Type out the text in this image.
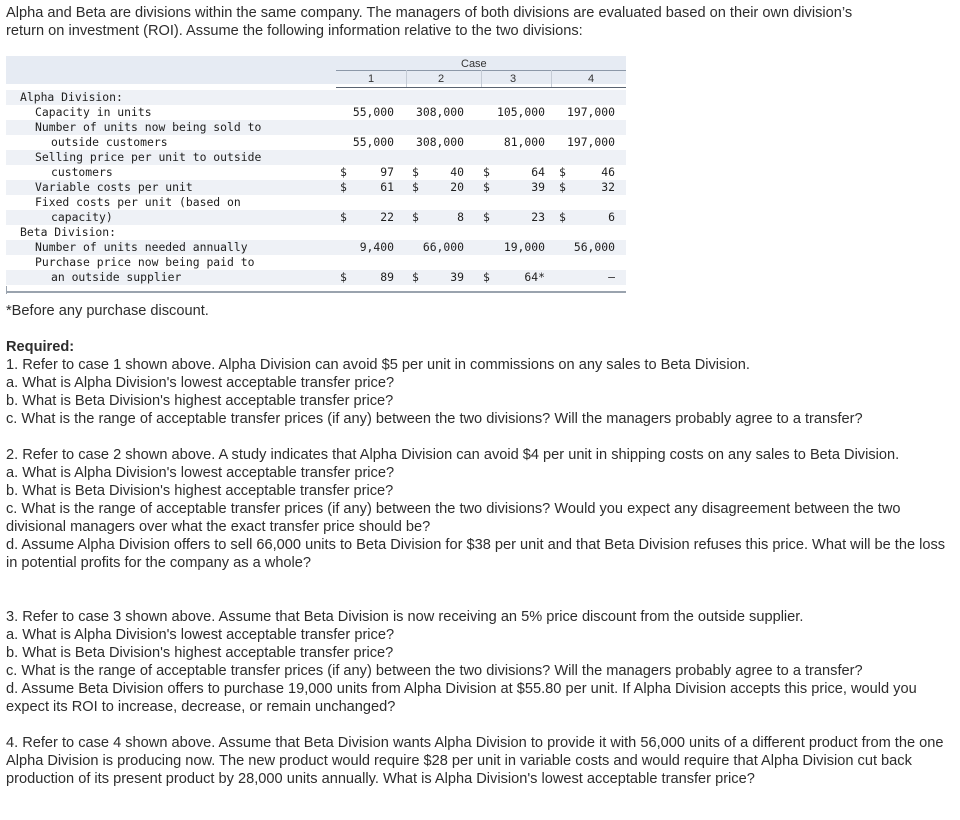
Alpha and Beta are divisions within the same company. The managers of both divisions are evaluated based on their own division’s
return on investment (ROI). Assume the following information relative to the two divisions:
Case
1	2	3	4
Alpha Division:
Capacity in units	55,000 308,000	105,000 197,000
Number of units now being sold to
outside customers	55,000 308,000	81,000 197,000
Selling price per unit to outside
customers	$	97 $	40 $	64 $	46
Variable costs per unit	$	61 $	20 $	39 $	32
Fixed costs per unit (based on
capacity)	$	22 $	8 $	23 $	6
Beta Division:
Number of units needed annually	9,400	66,000	19,000	56,000
Purchase price now being paid to
an outside supplier	$	89 $	39 $	64*	–
*Before any purchase discount.
Required:
1. Refer to case 1 shown above. Alpha Division can avoid $5 per unit in commissions on any sales to Beta Division.
a. What is Alpha Division's lowest acceptable transfer price?
b. What is Beta Division's highest acceptable transfer price?
c. What is the range of acceptable transfer prices (if any) between the two divisions? Will the managers probably agree to a transfer?
2. Refer to case 2 shown above. A study indicates that Alpha Division can avoid $4 per unit in shipping costs on any sales to Beta Division.
a. What is Alpha Division's lowest acceptable transfer price?
b. What is Beta Division's highest acceptable transfer price?
c. What is the range of acceptable transfer prices (if any) between the two divisions? Would you expect any disagreement between the two divisional managers over what the exact transfer price should be?
d. Assume Alpha Division offers to sell 66,000 units to Beta Division for $38 per unit and that Beta Division refuses this price. What will be the loss in potential profits for the company as a whole?
3. Refer to case 3 shown above. Assume that Beta Division is now receiving an 5% price discount from the outside supplier.
a. What is Alpha Division's lowest acceptable transfer price?
b. What is Beta Division's highest acceptable transfer price?
c. What is the range of acceptable transfer prices (if any) between the two divisions? Will the managers probably agree to a transfer?
d. Assume Beta Division offers to purchase 19,000 units from Alpha Division at $55.80 per unit. If Alpha Division accepts this price, would you expect its ROI to increase, decrease, or remain unchanged?
4. Refer to case 4 shown above. Assume that Beta Division wants Alpha Division to provide it with 56,000 units of a different product from the one Alpha Division is producing now. The new product would require $28 per unit in variable costs and would require that Alpha Division cut back production of its present product by 28,000 units annually. What is Alpha Division's lowest acceptable transfer price?
